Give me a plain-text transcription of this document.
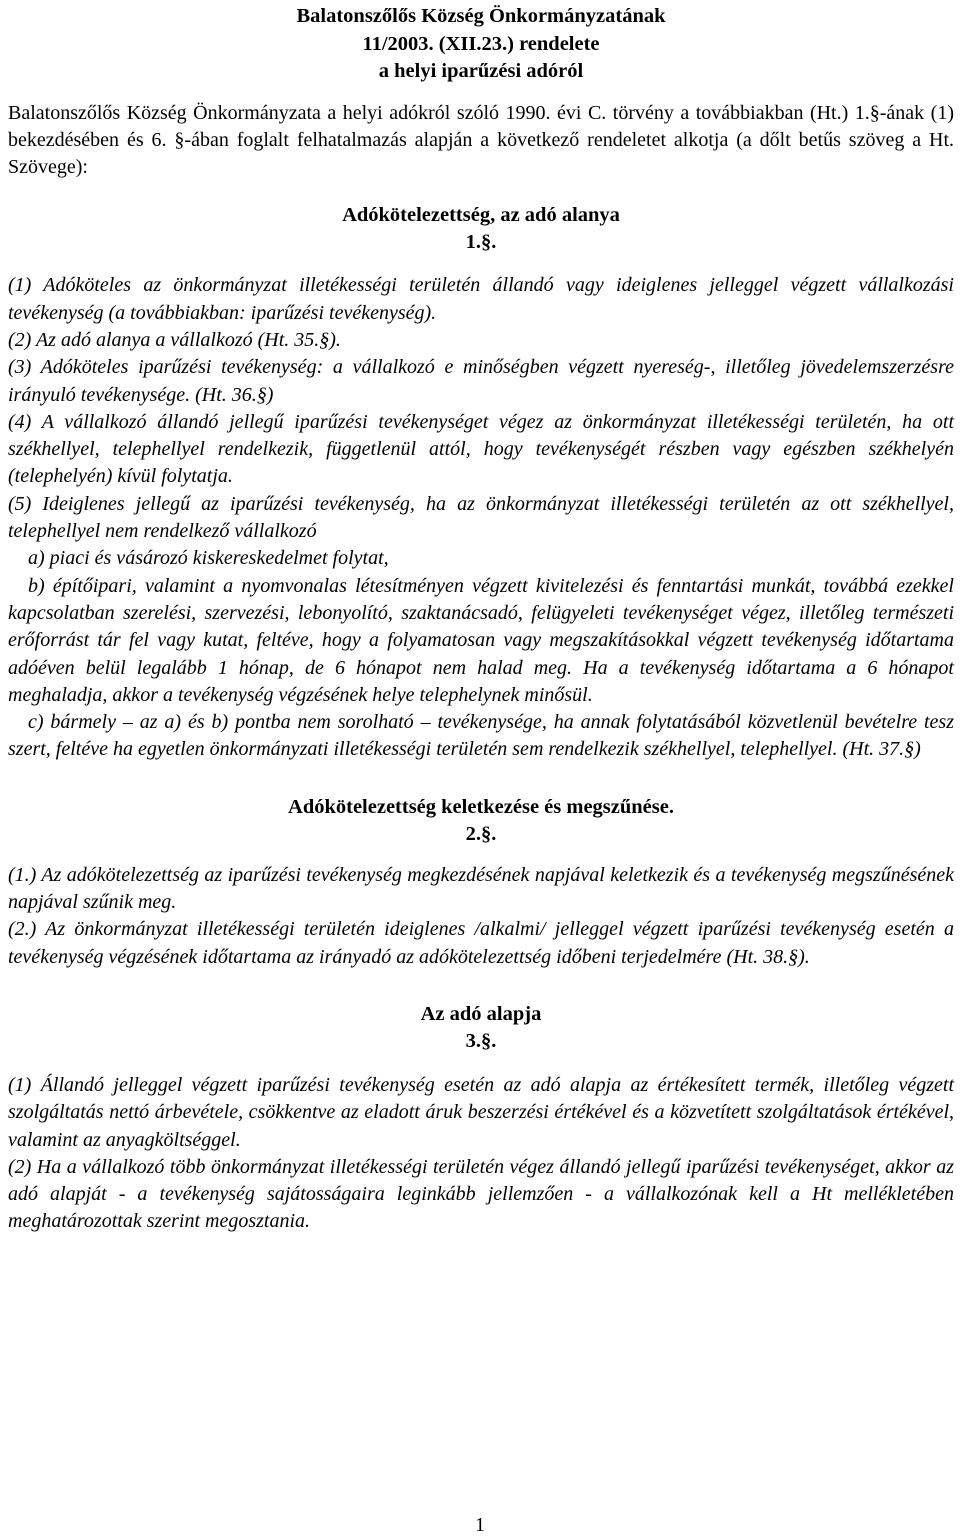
Balatonszőlős Község Önkormányzatának
11/2003. (XII.23.) rendelete
a helyi iparűzési adóról
Balatonszőlős Község Önkormányzata a helyi adókról szóló 1990. évi C. törvény a továbbiakban (Ht.) 1.§-ának (1) bekezdésében és 6. §-ában foglalt felhatalmazás alapján a következő rendeletet alkotja (a dőlt betűs szöveg a Ht. Szövege):
Adókötelezettség, az adó alanya
1.§.
(1) Adóköteles az önkormányzat illetékességi területén állandó vagy ideiglenes jelleggel végzett vállalkozási tevékenység (a továbbiakban: iparűzési tevékenység).
(2) Az adó alanya a vállalkozó (Ht. 35.§).
(3) Adóköteles iparűzési tevékenység: a vállalkozó e minőségben végzett nyereség-, illetőleg jövedelemszerzésre irányuló tevékenysége. (Ht. 36.§)
(4) A vállalkozó állandó jellegű iparűzési tevékenységet végez az önkormányzat illetékességi területén, ha ott székhellyel, telephellyel rendelkezik, függetlenül attól, hogy tevékenységét részben vagy egészben székhelyén (telephelyén) kívül folytatja.
(5) Ideiglenes jellegű az iparűzési tevékenység, ha az önkormányzat illetékességi területén az ott székhellyel, telephellyel nem rendelkező vállalkozó
a) piaci és vásározó kiskereskedelmet folytat,
b) építőipari, valamint a nyomvonalas létesítményen végzett kivitelezési és fenntartási munkát, továbbá ezekkel kapcsolatban szerelési, szervezési, lebonyolító, szaktanácsadó, felügyeleti tevékenységet végez, illetőleg természeti erőforrást tár fel vagy kutat, feltéve, hogy a folyamatosan vagy megszakításokkal végzett tevékenység időtartama adóéven belül legalább 1 hónap, de 6 hónapot nem halad meg. Ha a tevékenység időtartama a 6 hónapot meghaladja, akkor a tevékenység végzésének helye telephelynek minősül.
c) bármely – az a) és b) pontba nem sorolható – tevékenysége, ha annak folytatásából közvetlenül bevételre tesz szert, feltéve ha egyetlen önkormányzati illetékességi területén sem rendelkezik székhellyel, telephellyel. (Ht. 37.§)
Adókötelezettség keletkezése és megszűnése.
2.§.
(1.) Az adókötelezettség az iparűzési tevékenység megkezdésének napjával keletkezik és a tevékenység megszűnésének napjával szűnik meg.
(2.) Az önkormányzat illetékességi területén ideiglenes /alkalmi/ jelleggel végzett iparűzési tevékenység esetén a tevékenység végzésének időtartama az irányadó az adókötelezettség időbeni terjedelmére (Ht. 38.§).
Az adó alapja
3.§.
(1) Állandó jelleggel végzett iparűzési tevékenység esetén az adó alapja az értékesített termék, illetőleg végzett szolgáltatás nettó árbevétele, csökkentve az eladott áruk beszerzési értékével és a közvetített szolgáltatások értékével, valamint az anyagköltséggel.
(2) Ha a vállalkozó több önkormányzat illetékességi területén végez állandó jellegű iparűzési tevékenységet, akkor az adó alapját - a tevékenység sajátosságaira leginkább jellemzően - a vállalkozónak kell a Ht mellékletében meghatározottak szerint megosztania.
1
